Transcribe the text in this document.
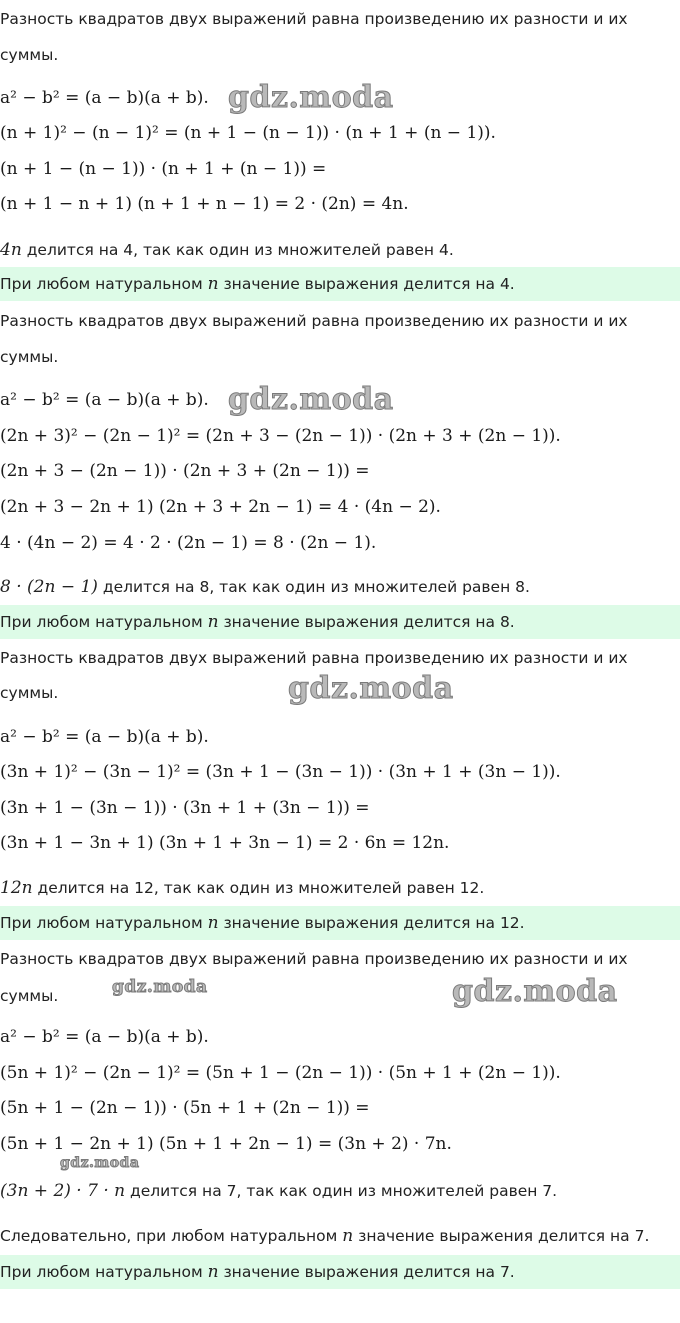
Разность квадратов двух выражений равна произведению их разности и их
суммы.
a² − b² = (a − b)(a + b).
(n + 1)² − (n − 1)² = (n + 1 − (n − 1)) · (n + 1 + (n − 1)).
(n + 1 − (n − 1)) · (n + 1 + (n − 1)) =
(n + 1 − n + 1) (n + 1 + n − 1) = 2 · (2n) = 4n.
4n делится на 4, так как один из множителей равен 4.
При любом натуральном n значение выражения делится на 4.
Разность квадратов двух выражений равна произведению их разности и их
суммы.
a² − b² = (a − b)(a + b).
(2n + 3)² − (2n − 1)² = (2n + 3 − (2n − 1)) · (2n + 3 + (2n − 1)).
(2n + 3 − (2n − 1)) · (2n + 3 + (2n − 1)) =
(2n + 3 − 2n + 1) (2n + 3 + 2n − 1) = 4 · (4n − 2).
4 · (4n − 2) = 4 · 2 · (2n − 1) = 8 · (2n − 1).
8 · (2n − 1) делится на 8, так как один из множителей равен 8.
При любом натуральном n значение выражения делится на 8.
Разность квадратов двух выражений равна произведению их разности и их
суммы.
a² − b² = (a − b)(a + b).
(3n + 1)² − (3n − 1)² = (3n + 1 − (3n − 1)) · (3n + 1 + (3n − 1)).
(3n + 1 − (3n − 1)) · (3n + 1 + (3n − 1)) =
(3n + 1 − 3n + 1) (3n + 1 + 3n − 1) = 2 · 6n = 12n.
12n делится на 12, так как один из множителей равен 12.
При любом натуральном n значение выражения делится на 12.
Разность квадратов двух выражений равна произведению их разности и их
суммы.
a² − b² = (a − b)(a + b).
(5n + 1)² − (2n − 1)² = (5n + 1 − (2n − 1)) · (5n + 1 + (2n − 1)).
(5n + 1 − (2n − 1)) · (5n + 1 + (2n − 1)) =
(5n + 1 − 2n + 1) (5n + 1 + 2n − 1) = (3n + 2) · 7n.
(3n + 2) · 7 · n делится на 7, так как один из множителей равен 7.
Следовательно, при любом натуральном n значение выражения делится на 7.
При любом натуральном n значение выражения делится на 7.
gdz.moda
gdz.moda
gdz.moda
gdz.moda	gdz.moda
gdz.moda
